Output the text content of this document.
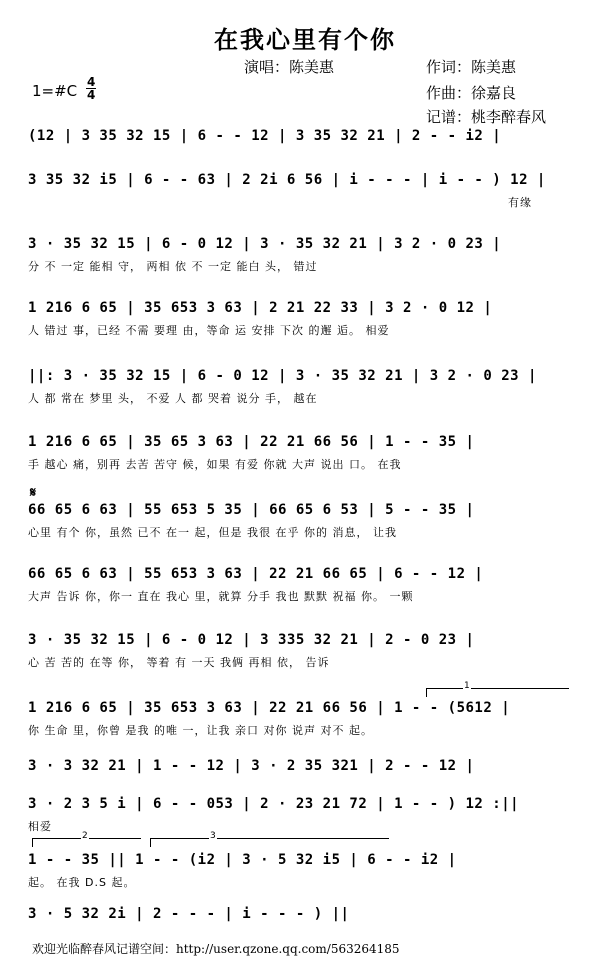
在我心里有个你
演唱：陈美惠	作词：陈美惠
作曲：徐嘉良
记谱：桃李醉春风
1=#C 4
4
(12 | 3 35 32 15 | 6 - - 12 | 3 35 32 21 | 2 - - i2 |
3 35 32 i5 | 6 - - 63 | 2 2i 6 56 | i - - - | i - - ) 12 |
有缘
3 · 35 32 15 | 6 - 0 12 | 3 · 35 32 21 | 3 2 · 0 23 |
分 不 一定 能相 守， 两相 依 不 一定 能白 头， 错过
1 216 6 65 | 35 653 3 63 | 2 21 22 33 | 3 2 · 0 12 |
人 错过 事，已经 不需 要理 由，等命 运 安排 下次 的邂 逅。 相爱
||: 3 · 35 32 15 | 6 - 0 12 | 3 · 35 32 21 | 3 2 · 0 23 |
人 都 常在 梦里 头， 不爱 人 都 哭着 说分 手， 越在
1 216 6 65 | 35 65 3 63 | 22 21 66 56 | 1 - - 35 |
手 越心 痛，别再 去苦 苦守 候，如果 有爱 你就 大声 说出 口。 在我
𝄋
66 65 6 63 | 55 653 5 35 | 66 65 6 53 | 5 - - 35 |
心里 有个 你，虽然 已不 在一 起，但是 我很 在乎 你的 消息， 让我
66 65 6 63 | 55 653 3 63 | 22 21 66 65 | 6 - - 12 |
大声 告诉 你，你一 直在 我心 里，就算 分手 我也 默默 祝福 你。 一颗
3 · 35 32 15 | 6 - 0 12 | 3 335 32 21 | 2 - 0 23 |
心 苦 苦的 在等 你， 等着 有 一天 我俩 再相 依， 告诉
1
1 216 6 65 | 35 653 3 63 | 22 21 66 56 | 1 - - (5612 |
你 生命 里，你曾 是我 的唯 一，让我 亲口 对你 说声 对不 起。
3 · 3 32 21 | 1 - - 12 | 3 · 2 35 321 | 2 - - 12 |
3 · 2 3 5 i | 6 - - 053 | 2 · 23 21 72 | 1 - - ) 12 :||
相爱
2	3
1 - - 35 || 1 - - (i2 | 3 · 5 32 i5 | 6 - - i2 |
起。 在我 D.S 起。
3 · 5 32 2i | 2 - - - | i - - - ) ||
欢迎光临醉春风记谱空间：http://user.qzone.qq.com/563264185
